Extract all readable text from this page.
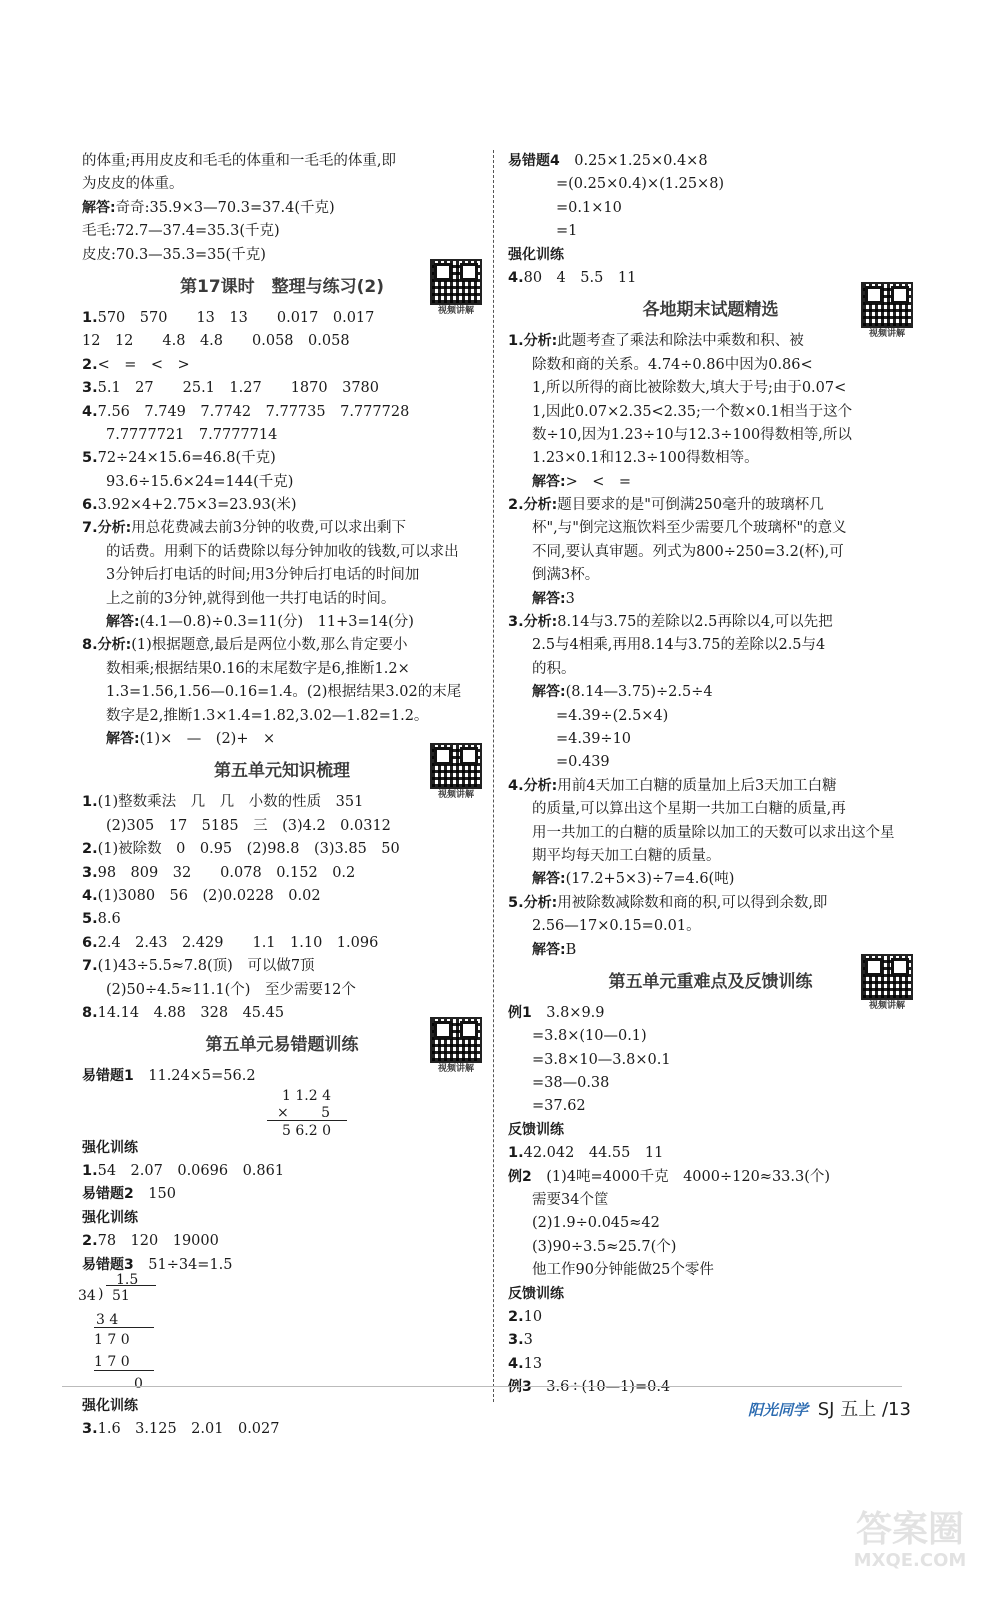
的体重;再用皮皮和毛毛的体重和一毛毛的体重,即
为皮皮的体重。
解答:奇奇:35.9×3—70.3=37.4(千克)
毛毛:72.7—37.4=35.3(千克)
皮皮:70.3—35.3=35(千克)
第17课时　整理与练习(2)
视频讲解
1.570　570　　13　13　　0.017　0.017
12　12　　4.8　4.8　　0.058　0.058
2.<　=　<　>
3.5.1　27　　25.1　1.27　　1870　3780
4.7.56　7.749　7.7742　7.77735　7.777728
7.7777721　7.7777714
5.72÷24×15.6=46.8(千克)
93.6÷15.6×24=144(千克)
6.3.92×4+2.75×3=23.93(米)
7.分析:用总花费减去前3分钟的收费,可以求出剩下
的话费。用剩下的话费除以每分钟加收的钱数,可以求出
3分钟后打电话的时间;用3分钟后打电话的时间加
上之前的3分钟,就得到他一共打电话的时间。
解答:(4.1—0.8)÷0.3=11(分)　11+3=14(分)
8.分析:(1)根据题意,最后是两位小数,那么肯定要小
数相乘;根据结果0.16的末尾数字是6,推断1.2×
1.3=1.56,1.56—0.16=1.4。(2)根据结果3.02的末尾
数字是2,推断1.3×1.4=1.82,3.02—1.82=1.2。
解答:(1)×　—　(2)+　×
第五单元知识梳理
视频讲解
1.(1)整数乘法　几　几　小数的性质　351
(2)305　17　5185　三　(3)4.2　0.0312
2.(1)被除数　0　0.95　(2)98.8　(3)3.85　50
3.98　809　32　　0.078　0.152　0.2
4.(1)3080　56　(2)0.0228　0.02
5.8.6
6.2.4　2.43　2.429　　1.1　1.10　1.096
7.(1)43÷5.5≈7.8(顶)　可以做7顶
(2)50÷4.5≈11.1(个)　至少需要12个
8.14.14　4.88　328　45.45
第五单元易错题训练
视频讲解
易错题1　11.24×5=56.2
1 1.2 4
×　　 5
5 6.2 0
强化训练
1.54　2.07　0.0696　0.861
易错题2　150
强化训练
2.78　120　19000
易错题3　51÷34=1.5
1.5
34 ) 51
3 4
1 7 0
1 7 0
0
强化训练
3.1.6　3.125　2.01　0.027
易错题4　0.25×1.25×0.4×8
=(0.25×0.4)×(1.25×8)
=0.1×10
=1
强化训练
4.80　4　5.5　11
各地期末试题精选
视频讲解
1.分析:此题考查了乘法和除法中乘数和积、被
除数和商的关系。4.74÷0.86中因为0.86<
1,所以所得的商比被除数大,填大于号;由于0.07<
1,因此0.07×2.35<2.35;一个数×0.1相当于这个
数÷10,因为1.23÷10与12.3÷100得数相等,所以
1.23×0.1和12.3÷100得数相等。
解答:>　<　=
2.分析:题目要求的是"可倒满250毫升的玻璃杯几
杯",与"倒完这瓶饮料至少需要几个玻璃杯"的意义
不同,要认真审题。列式为800÷250=3.2(杯),可
倒满3杯。
解答:3
3.分析:8.14与3.75的差除以2.5再除以4,可以先把
2.5与4相乘,再用8.14与3.75的差除以2.5与4
的积。
解答:(8.14—3.75)÷2.5÷4
=4.39÷(2.5×4)
=4.39÷10
=0.439
4.分析:用前4天加工白糖的质量加上后3天加工白糖
的质量,可以算出这个星期一共加工白糖的质量,再
用一共加工的白糖的质量除以加工的天数可以求出这个星
期平均每天加工白糖的质量。
解答:(17.2+5×3)÷7=4.6(吨)
5.分析:用被除数减除数和商的积,可以得到余数,即
2.56—17×0.15=0.01。
解答:B
第五单元重难点及反馈训练
视频讲解
例1　3.8×9.9
=3.8×(10—0.1)
=3.8×10—3.8×0.1
=38—0.38
=37.62
反馈训练
1.42.042　44.55　11
例2　(1)4吨=4000千克　4000÷120≈33.3(个)
需要34个筐
(2)1.9÷0.045≈42
(3)90÷3.5≈25.7(个)
他工作90分钟能做25个零件
反馈训练
2.10
3.3
4.13
例3　3.6÷(10—1)=0.4
阳光同学 SJ 五上 /13
答案圈
MXQE.COM
